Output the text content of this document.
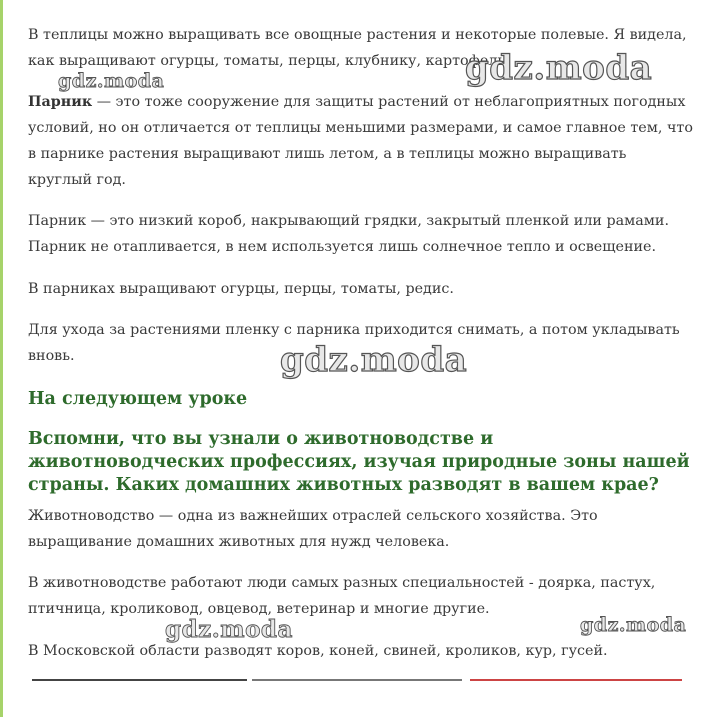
В теплицы можно выращивать все овощные растения и некоторые полевые. Я видела, как выращивают огурцы, томаты, перцы, клубнику, картофель.

Парник — это тоже сооружение для защиты растений от неблагоприятных погодных условий, но он отличается от теплицы меньшими размерами, и самое главное тем, что в парнике растения выращивают лишь летом, а в теплицы можно выращивать круглый год.

Парник — это низкий короб, накрывающий грядки, закрытый пленкой или рамами. Парник не отапливается, в нем используется лишь солнечное тепло и освещение.

В парниках выращивают огурцы, перцы, томаты, редис.

Для ухода за растениями пленку с парника приходится снимать, а потом укладывать вновь.

На следующем уроке
Вспомни, что вы узнали о животноводстве и животноводческих профессиях, изучая природные зоны нашей страны. Каких домашних животных разводят в вашем крае?

Животноводство — одна из важнейших отраслей сельского хозяйства. Это выращивание домашних животных для нужд человека.

В животноводстве работают люди самых разных специальностей - доярка, пастух, птичница, кроликовод, овцевод, ветеринар и многие другие.

В Московской области разводят коров, коней, свиней, кроликов, кур, гусей.

gdz.moda	gdz.moda
gdz.moda
gdz.moda	gdz.moda
